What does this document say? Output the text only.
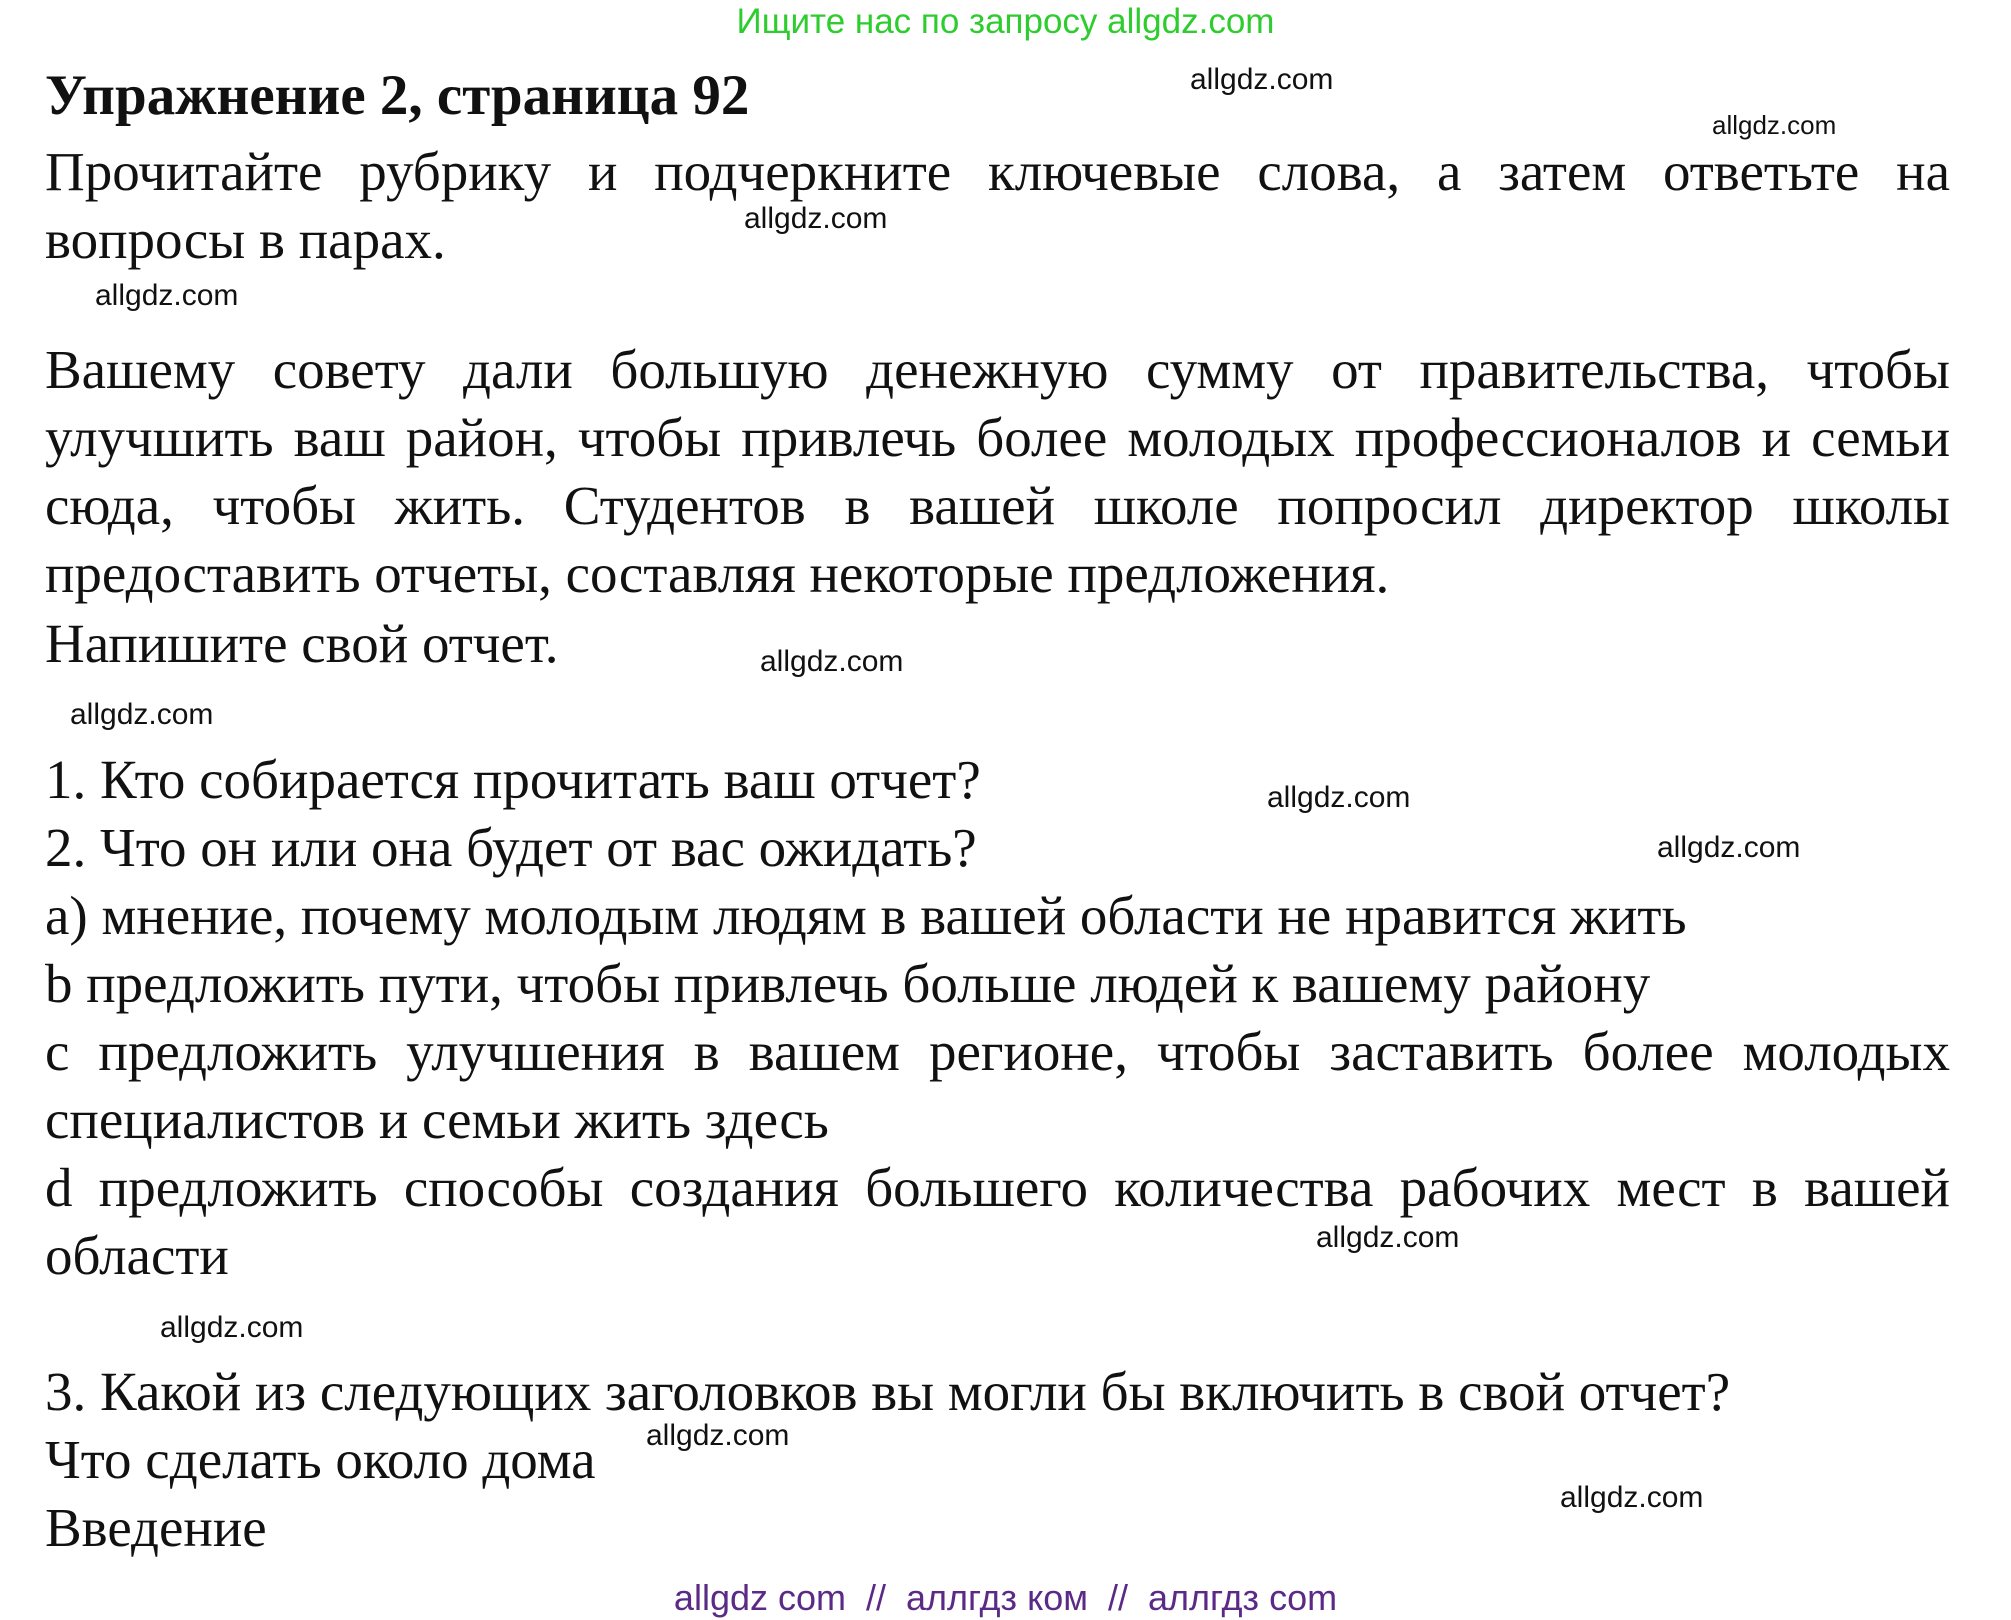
Ищите нас по запросу allgdz.com
Упражнение 2, страница 92

Прочитайте рубрику и подчеркните ключевые слова, а затем ответьте на вопросы в парах.

Вашему совету дали большую денежную сумму от правительства, чтобы улучшить ваш район, чтобы привлечь более молодых профессионалов и семьи сюда, чтобы жить. Студентов в вашей школе попросил директор школы предоставить отчеты, составляя некоторые предложения.

Напишите свой отчет.
1. Кто собирается прочитать ваш отчет?
2. Что он или она будет от вас ожидать?
а) мнение, почему молодым людям в вашей области не нравится жить
b предложить пути, чтобы привлечь больше людей к вашему району

с предложить улучшения в вашем регионе, чтобы заставить более молодых специалистов и семьи жить здесь

d предложить способы создания большего количества рабочих мест в вашей области

3. Какой из следующих заголовков вы могли бы включить в свой отчет?
Что сделать около дома
Введение
allgdz.com
allgdz.com
allgdz.com
allgdz.com
allgdz.com
allgdz.com
allgdz.com
allgdz.com
allgdz.com
allgdz.com
allgdz.com
allgdz.com
allgdz com  //  аллгдз ком  //  аллгдз com
